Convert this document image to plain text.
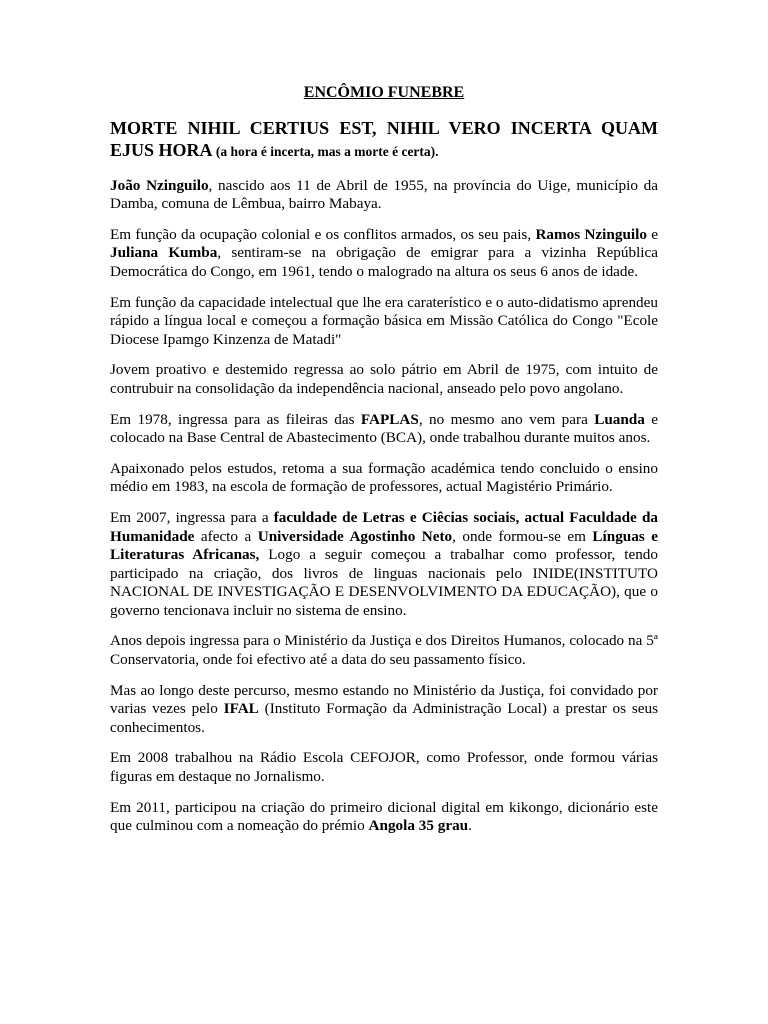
ENCÔMIO FUNEBRE
MORTE NIHIL CERTIUS EST, NIHIL VERO INCERTA QUAM EJUS HORA (a hora é incerta, mas a morte é certa).

João Nzinguilo, nascido aos 11 de Abril de 1955, na província do Uige, município da Damba, comuna de Lêmbua, bairro Mabaya.

Em função da ocupação colonial e os conflitos armados, os seu pais, Ramos Nzinguilo e Juliana Kumba, sentiram-se na obrigação de emigrar para a vizinha República Democrática do Congo, em 1961, tendo o malogrado na altura os seus 6 anos de idade.

Em função da capacidade intelectual que lhe era caraterístico e o auto-didatismo aprendeu rápido a língua local e começou a formação básica em Missão Católica do Congo "Ecole Diocese Ipamgo Kinzenza de Matadi"

Jovem proativo e destemido regressa ao solo pátrio em Abril de 1975, com intuito de contrubuir na consolidação da independência nacional, anseado pelo povo angolano.

Em 1978, ingressa para as fileiras das FAPLAS, no mesmo ano vem para Luanda e colocado na Base Central de Abastecimento (BCA), onde trabalhou durante muitos anos.

Apaixonado pelos estudos, retoma a sua formação académica tendo concluido o ensino médio em 1983, na escola de formação de professores, actual Magistério Primário.

Em 2007, ingressa para a faculdade de Letras e Ciêcias sociais, actual Faculdade da Humanidade afecto a Universidade Agostinho Neto, onde formou-se em Línguas e Literaturas Africanas, Logo a seguir começou a trabalhar como professor, tendo participado na criação, dos livros de linguas nacionais pelo INIDE(INSTITUTO NACIONAL DE INVESTIGAÇÃO E DESENVOLVIMENTO DA EDUCAÇÃO), que o governo tencionava incluir no sistema de ensino.

Anos depois ingressa para o Ministério da Justiça e dos Direitos Humanos, colocado na 5ª Conservatoria, onde foi efectivo até a data do seu passamento físico.

Mas ao longo deste percurso, mesmo estando no Ministério da Justiça, foi convidado por varias vezes pelo IFAL (Instituto Formação da Administração Local) a prestar os seus conhecimentos.

Em 2008 trabalhou na Rádio Escola CEFOJOR, como Professor, onde formou várias figuras em destaque no Jornalismo.

Em 2011, participou na criação do primeiro dicional digital em kikongo, dicionário este que culminou com a nomeação do prémio Angola 35 grau.
